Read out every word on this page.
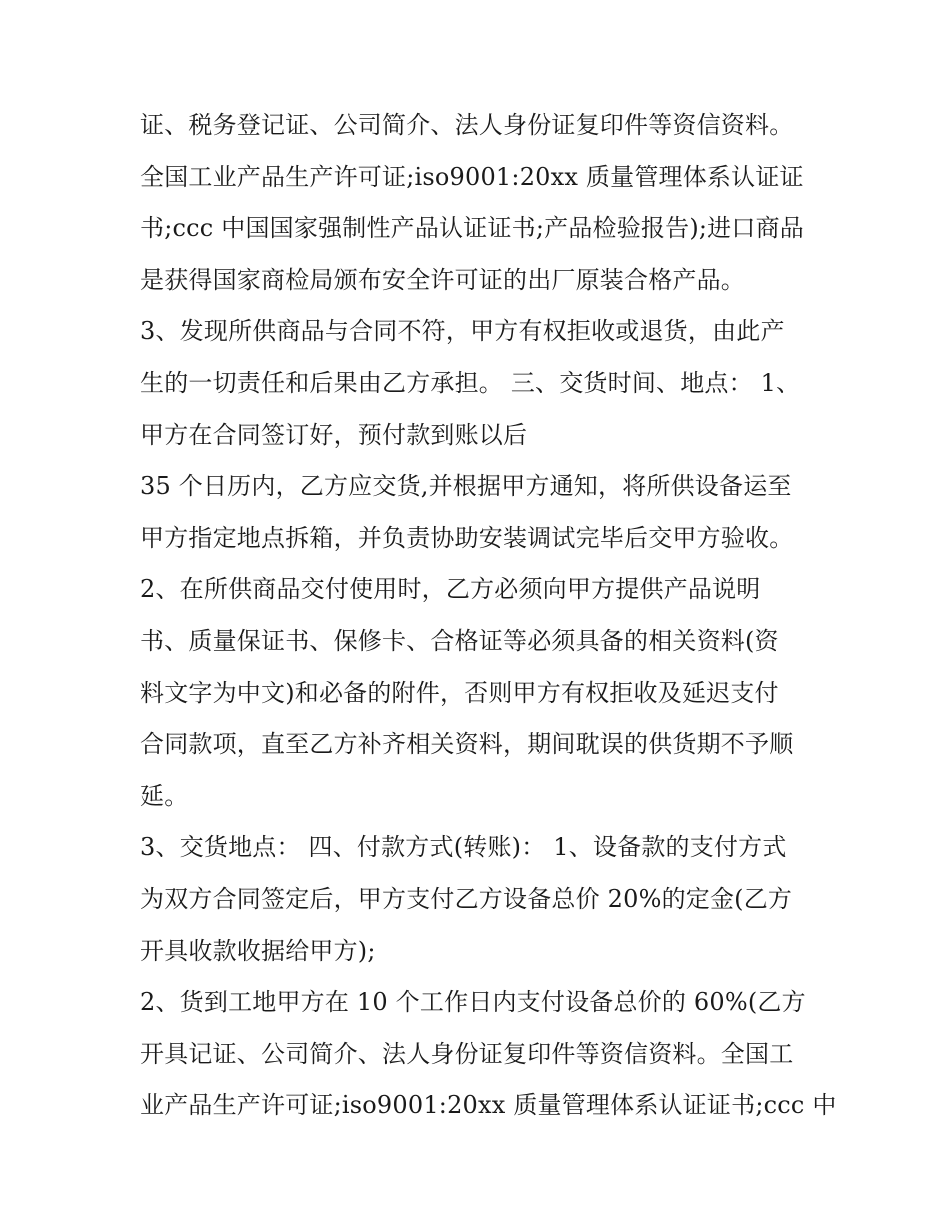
证、税务登记证、公司简介、法人身份证复印件等资信资料。
全国工业产品生产许可证;iso9001:20xx 质量管理体系认证证
书;ccc 中国国家强制性产品认证证书;产品检验报告);进口商品
是获得国家商检局颁布安全许可证的出厂原装合格产品。
3、发现所供商品与合同不符，甲方有权拒收或退货，由此产
生的一切责任和后果由乙方承担。 三、交货时间、地点： 1、
甲方在合同签订好，预付款到账以后
35 个日历内，乙方应交货,并根据甲方通知，将所供设备运至
甲方指定地点拆箱，并负责协助安装调试完毕后交甲方验收。
2、在所供商品交付使用时，乙方必须向甲方提供产品说明
书、质量保证书、保修卡、合格证等必须具备的相关资料(资
料文字为中文)和必备的附件，否则甲方有权拒收及延迟支付
合同款项，直至乙方补齐相关资料，期间耽误的供货期不予顺
延。
3、交货地点： 四、付款方式(转账)： 1、设备款的支付方式
为双方合同签定后，甲方支付乙方设备总价 20%的定金(乙方
开具收款收据给甲方);
2、货到工地甲方在 10 个工作日内支付设备总价的 60%(乙方
开具记证、公司简介、法人身份证复印件等资信资料。全国工
业产品生产许可证;iso9001:20xx 质量管理体系认证证书;ccc 中
